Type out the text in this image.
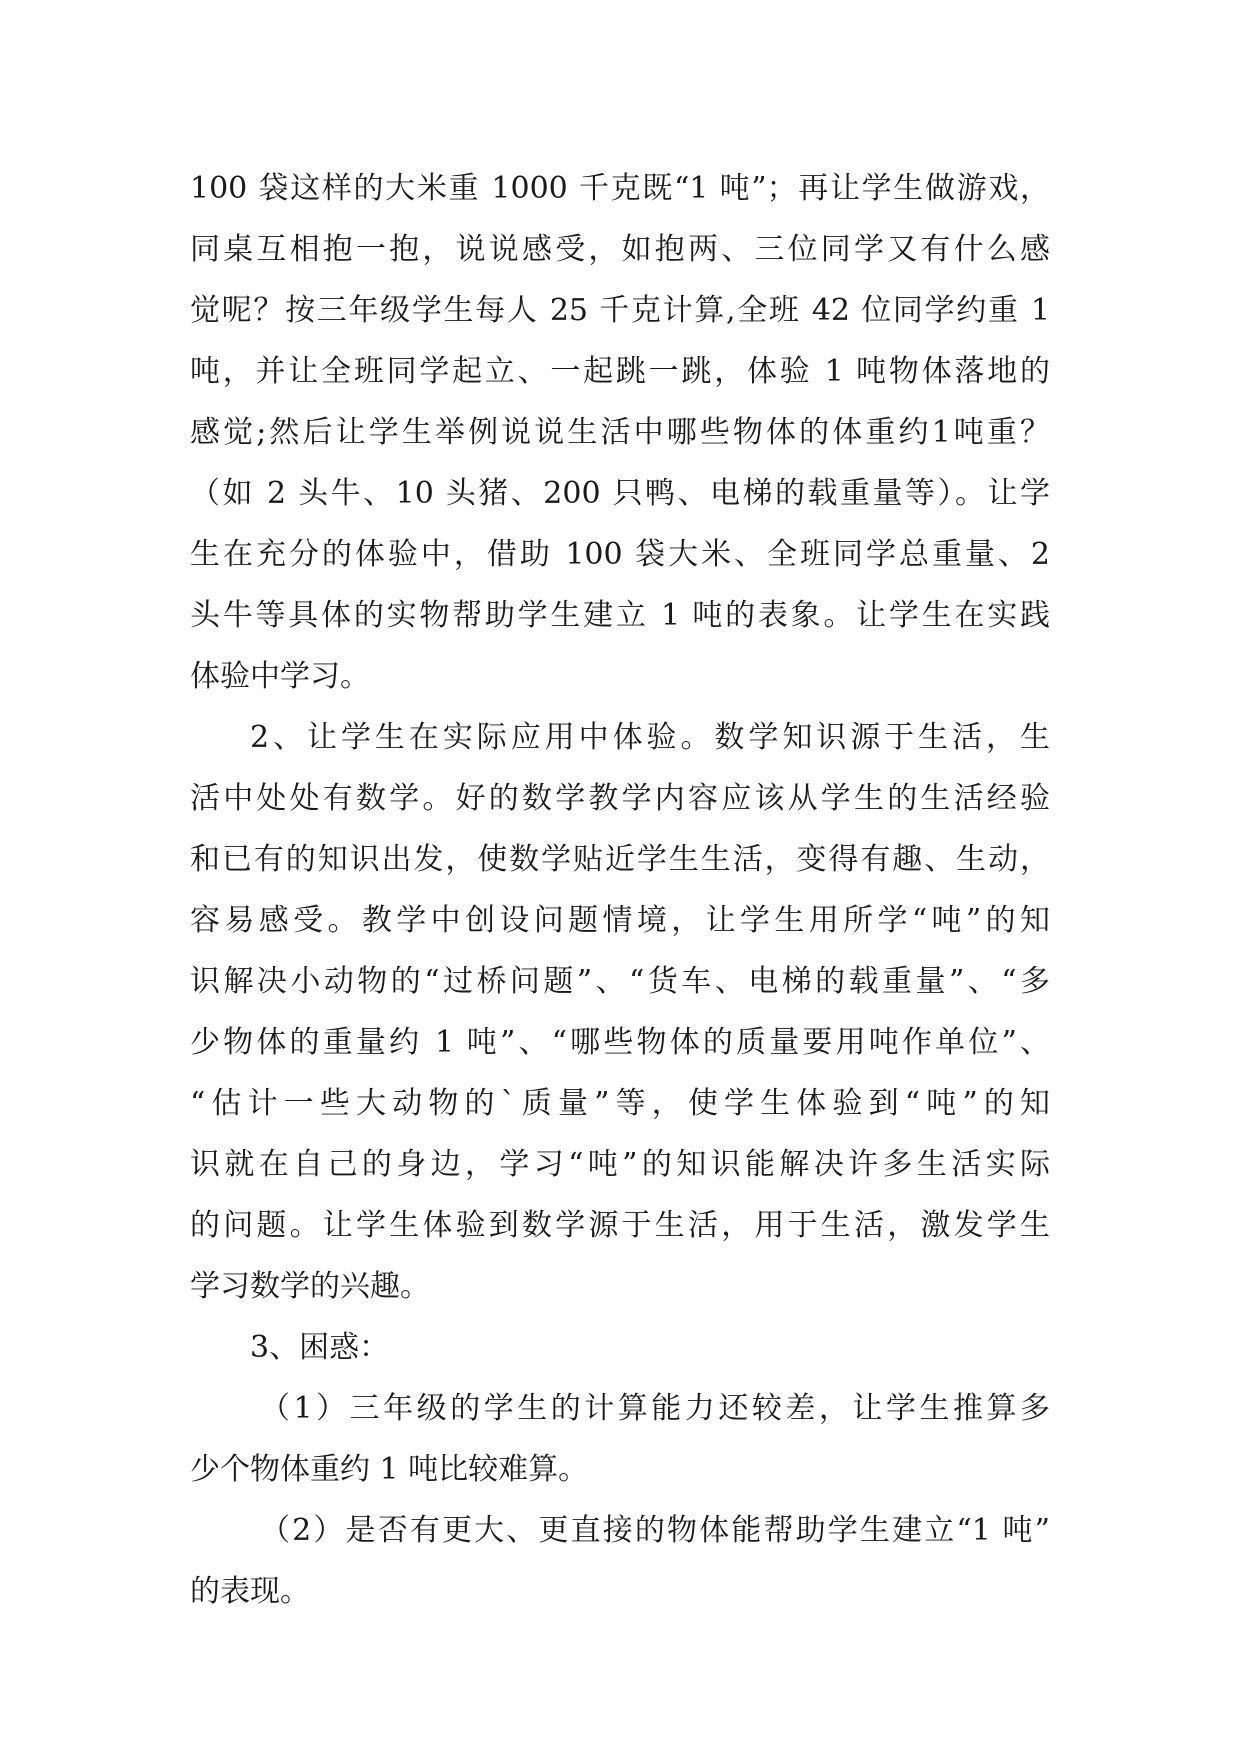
100 袋这样的大米重 1000 千克既“1 吨”；再让学生做游戏，
同桌互相抱一抱，说说感受，如抱两、三位同学又有什么感
觉呢？按三年级学生每人 25 千克计算,全班 42 位同学约重 1
吨，并让全班同学起立、一起跳一跳，体验 1 吨物体落地的
感觉;然后让学生举例说说生活中哪些物体的体重约1吨重？
（如 2 头牛、10 头猪、200 只鸭、电梯的载重量等）。让学
生在充分的体验中，借助 100 袋大米、全班同学总重量、2
头牛等具体的实物帮助学生建立 1 吨的表象。让学生在实践
体验中学习。
2、让学生在实际应用中体验。数学知识源于生活，生
活中处处有数学。好的数学教学内容应该从学生的生活经验
和已有的知识出发，使数学贴近学生生活，变得有趣、生动，
容易感受。教学中创设问题情境，让学生用所学“吨”的知
识解决小动物的“过桥问题”、“货车、电梯的载重量”、“多
少物体的重量约 1 吨”、“哪些物体的质量要用吨作单位”、
“估计一些大动物的`质量”等，使学生体验到“吨”的知
识就在自己的身边，学习“吨”的知识能解决许多生活实际
的问题。让学生体验到数学源于生活，用于生活，激发学生
学习数学的兴趣。
3、困惑：
（1）三年级的学生的计算能力还较差，让学生推算多
少个物体重约 1 吨比较难算。
（2）是否有更大、更直接的物体能帮助学生建立“1 吨”
的表现。
